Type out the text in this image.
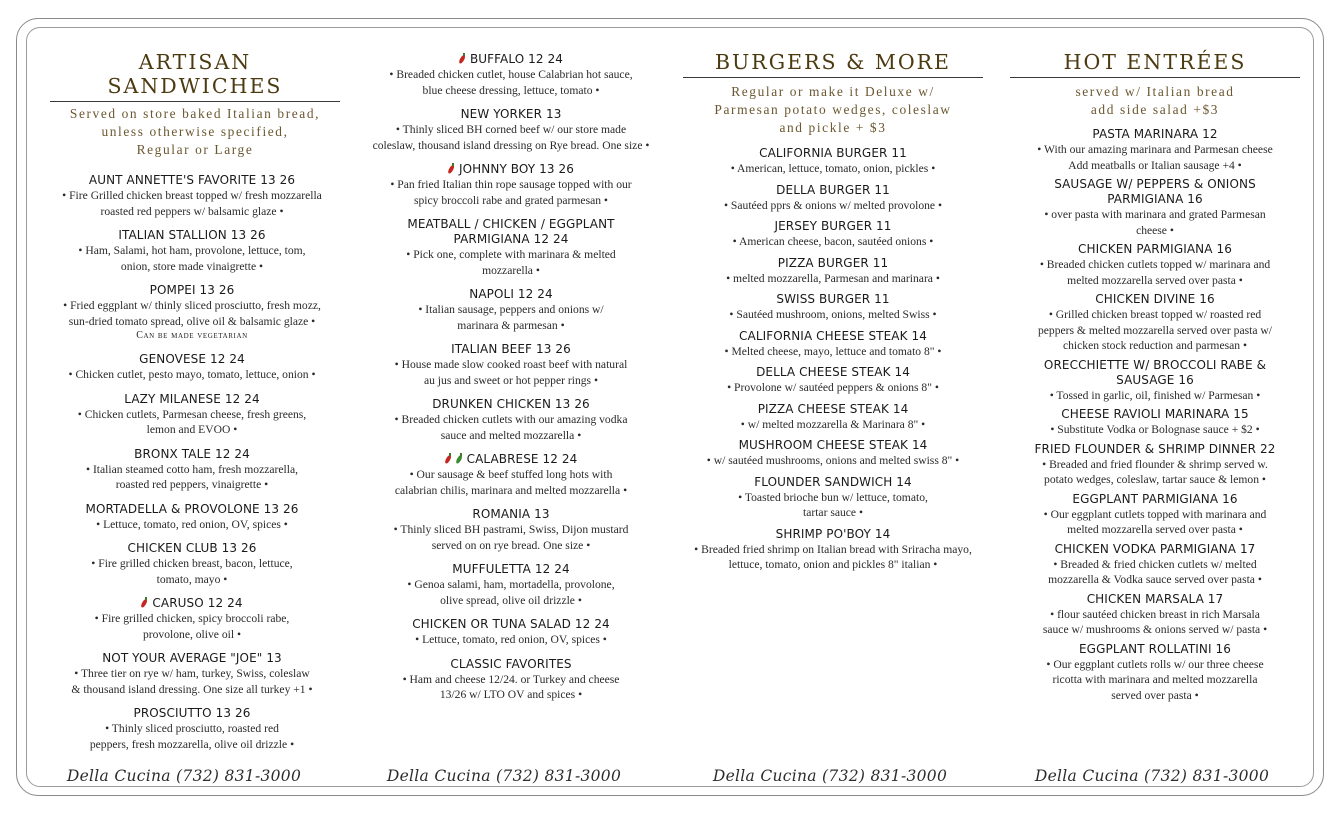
ARTISAN SANDWICHES
Served on store baked Italian bread,
unless otherwise specified,
Regular or Large
AUNT ANNETTE'S FAVORITE 13 26
• Fire Grilled chicken breast topped w/ fresh mozzarella
roasted red peppers w/ balsamic glaze •
ITALIAN STALLION 13 26
• Ham, Salami, hot ham, provolone, lettuce, tom,
onion, store made vinaigrette •
POMPEI 13 26
• Fried eggplant w/ thinly sliced prosciutto, fresh mozz,
sun-dried tomato spread, olive oil & balsamic glaze •
Can be made vegetarian
GENOVESE 12 24
• Chicken cutlet, pesto mayo, tomato, lettuce, onion •
LAZY MILANESE 12 24
• Chicken cutlets, Parmesan cheese, fresh greens,
lemon and EVOO •
BRONX TALE 12 24
• Italian steamed cotto ham, fresh mozzarella,
roasted red peppers, vinaigrette •
MORTADELLA & PROVOLONE 13 26
• Lettuce, tomato, red onion, OV, spices •
CHICKEN CLUB 13 26
• Fire grilled chicken breast, bacon, lettuce,
tomato, mayo •
CARUSO 12 24
• Fire grilled chicken, spicy broccoli rabe,
provolone, olive oil •
NOT YOUR AVERAGE "JOE" 13
• Three tier on rye w/ ham, turkey, Swiss, coleslaw
& thousand island dressing. One size all turkey +1 •
PROSCIUTTO 13 26
• Thinly sliced prosciutto, roasted red
peppers, fresh mozzarella, olive oil drizzle •
BUFFALO 12 24
• Breaded chicken cutlet, house Calabrian hot sauce,
blue cheese dressing, lettuce, tomato •
NEW YORKER 13
• Thinly sliced BH corned beef w/ our store made
coleslaw, thousand island dressing on Rye bread. One size •
JOHNNY BOY 13 26
• Pan fried Italian thin rope sausage topped with our
spicy broccoli rabe and grated parmesan •
MEATBALL / CHICKEN / EGGPLANT
PARMIGIANA 12 24
• Pick one, complete with marinara & melted
mozzarella •
NAPOLI 12 24
• Italian sausage, peppers and onions w/
marinara & parmesan •
ITALIAN BEEF 13 26
• House made slow cooked roast beef with natural
au jus and sweet or hot pepper rings •
DRUNKEN CHICKEN 13 26
• Breaded chicken cutlets with our amazing vodka
sauce and melted mozzarella •
CALABRESE 12 24
• Our sausage & beef stuffed long hots with
calabrian chilis, marinara and melted mozzarella •
ROMANIA 13
• Thinly sliced BH pastrami, Swiss, Dijon mustard
served on on rye bread. One size •
MUFFULETTA 12 24
• Genoa salami, ham, mortadella, provolone,
olive spread, olive oil drizzle •
CHICKEN OR TUNA SALAD 12 24
• Lettuce, tomato, red onion, OV, spices •
CLASSIC FAVORITES
• Ham and cheese 12/24. or Turkey and cheese
13/26 w/ LTO OV and spices •
BURGERS & MORE
Regular or make it Deluxe w/
Parmesan potato wedges, coleslaw
and pickle + $3
CALIFORNIA BURGER 11
• American, lettuce, tomato, onion, pickles •
DELLA BURGER 11
• Sautéed pprs & onions w/ melted provolone •
JERSEY BURGER 11
• American cheese, bacon, sautéed onions •
PIZZA BURGER 11
• melted mozzarella, Parmesan and marinara •
SWISS BURGER 11
• Sautéed mushroom, onions, melted Swiss •
CALIFORNIA CHEESE STEAK 14
• Melted cheese, mayo, lettuce and tomato 8" •
DELLA CHEESE STEAK 14
• Provolone w/ sautéed peppers & onions 8" •
PIZZA CHEESE STEAK 14
• w/ melted mozzarella & Marinara 8" •
MUSHROOM CHEESE STEAK 14
• w/ sautéed mushrooms, onions and melted swiss 8" •
FLOUNDER SANDWICH 14
• Toasted brioche bun w/ lettuce, tomato,
tartar sauce •
SHRIMP PO'BOY 14
• Breaded fried shrimp on Italian bread with Sriracha mayo,
lettuce, tomato, onion and pickles 8" italian •
HOT ENTRÉES
served w/ Italian bread
add side salad +$3
PASTA MARINARA 12
• With our amazing marinara and Parmesan cheese
Add meatballs or Italian sausage +4 •
SAUSAGE W/ PEPPERS & ONIONS
PARMIGIANA 16
• over pasta with marinara and grated Parmesan
cheese •
CHICKEN PARMIGIANA 16
• Breaded chicken cutlets topped w/ marinara and
melted mozzarella served over pasta •
CHICKEN DIVINE 16
• Grilled chicken breast topped w/ roasted red
peppers & melted mozzarella served over pasta w/
chicken stock reduction and parmesan •
ORECCHIETTE W/ BROCCOLI RABE &
SAUSAGE 16
• Tossed in garlic, oil, finished w/ Parmesan •
CHEESE RAVIOLI MARINARA 15
• Substitute Vodka or Bolognase sauce + $2 •
FRIED FLOUNDER & SHRIMP DINNER 22
• Breaded and fried flounder & shrimp served w.
potato wedges, coleslaw, tartar sauce & lemon •
EGGPLANT PARMIGIANA 16
• Our eggplant cutlets topped with marinara and
melted mozzarella served over pasta •
CHICKEN VODKA PARMIGIANA 17
• Breaded & fried chicken cutlets w/ melted
mozzarella & Vodka sauce served over pasta •
CHICKEN MARSALA 17
• flour sautéed chicken breast in rich Marsala
sauce w/ mushrooms & onions served w/ pasta •
EGGPLANT ROLLATINI 16
• Our eggplant cutlets rolls w/ our three cheese
ricotta with marinara and melted mozzarella
served over pasta •
Della Cucina (732) 831-3000	Della Cucina (732) 831-3000	Della Cucina (732) 831-3000	Della Cucina (732) 831-3000
